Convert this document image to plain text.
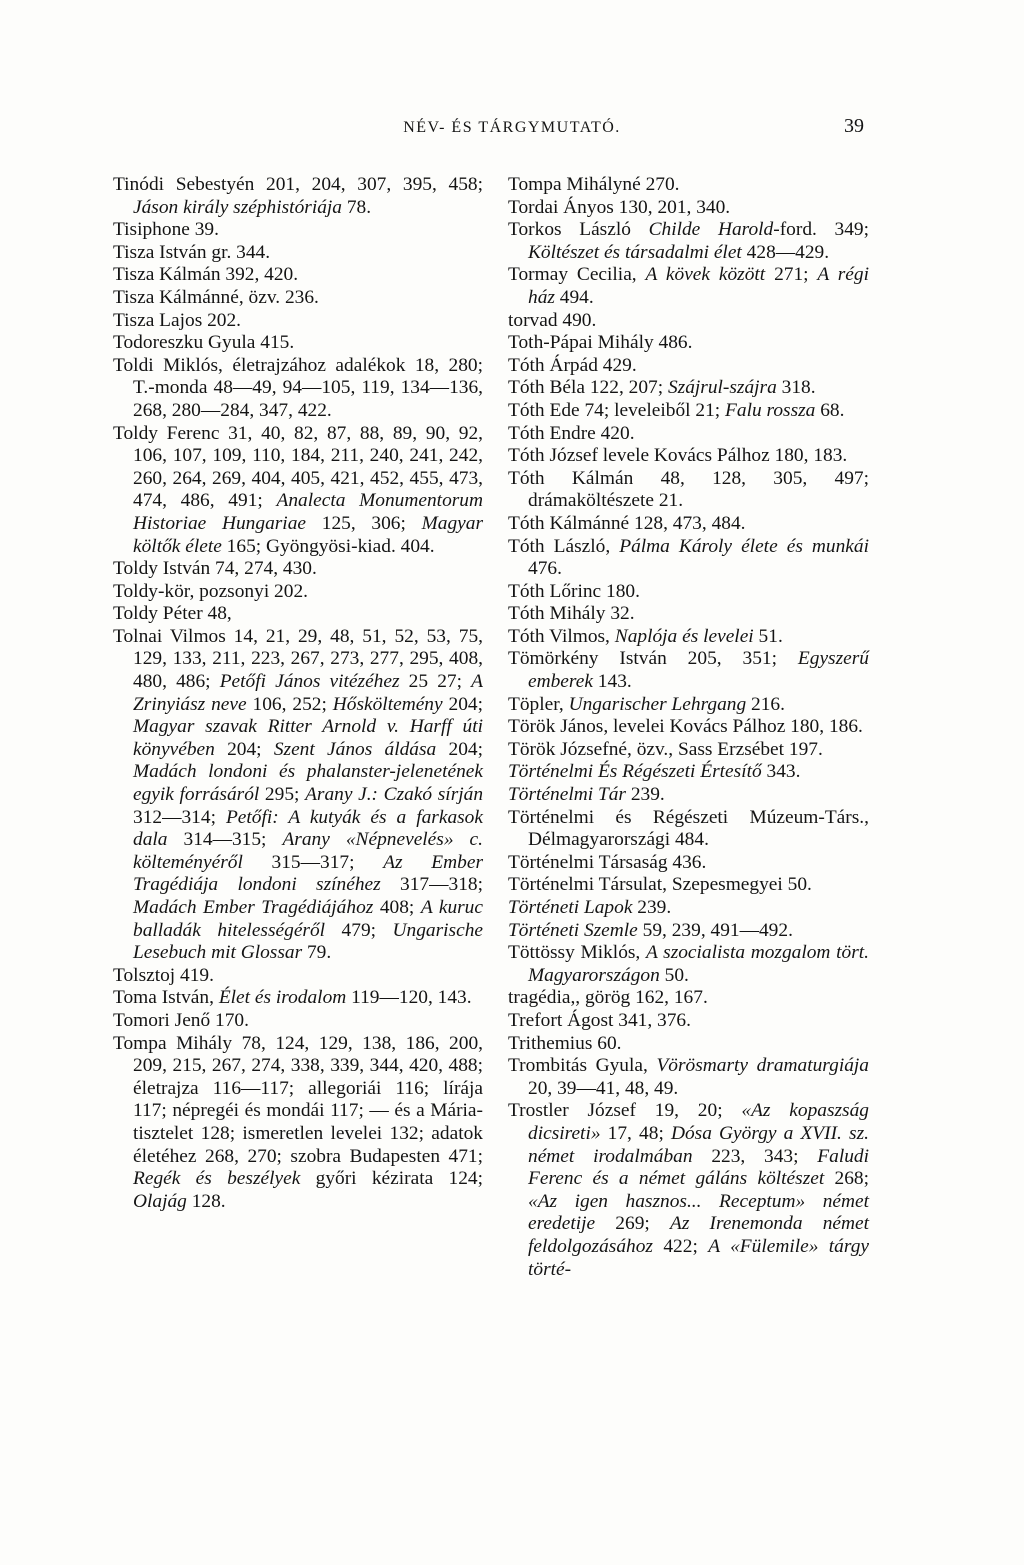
NÉV- ÉS TÁRGYMUTATÓ.	39

Tinódi Sebestyén 201, 204, 307, 395, 458; Jáson király széphistóriája 78.

Tisiphone 39.

Tisza István gr. 344.

Tisza Kálmán 392, 420.

Tisza Kálmánné, özv. 236.

Tisza Lajos 202.

Todoreszku Gyula 415.

Toldi Miklós, életrajzához adalékok 18, 280; T.-monda 48—49, 94—105, 119, 134—136, 268, 280—284, 347, 422.

Toldy Ferenc 31, 40, 82, 87, 88, 89, 90, 92, 106, 107, 109, 110, 184, 211, 240, 241, 242, 260, 264, 269, 404, 405, 421, 452, 455, 473, 474, 486, 491; Analecta Monumentorum Historiae Hungariae 125, 306; Magyar költők élete 165; Gyöngyösi-kiad. 404.

Toldy István 74, 274, 430.

Toldy-kör, pozsonyi 202.

Toldy Péter 48,

Tolnai Vilmos 14, 21, 29, 48, 51, 52, 53, 75, 129, 133, 211, 223, 267, 273, 277, 295, 408, 480, 486; Petőfi János vitézéhez 25 27; A Zrinyiász neve 106, 252; Hősköltemény 204; Magyar szavak Ritter Arnold v. Harff úti könyvében 204; Szent János áldása 204; Madách londoni és phalanster-jelenetének egyik forrásáról 295; Arany J.: Czakó sírján 312—314; Petőfi: A kutyák és a farkasok dala 314—315; Arany «Népnevelés» c. költeményéről 315—317; Az Ember Tragédiája londoni színéhez 317—318; Madách Ember Tragédiájához 408; A kuruc balladák hitelességéről 479; Ungarische Lesebuch mit Glossar 79.

Tolsztoj 419.

Toma István, Élet és irodalom 119—120, 143.

Tomori Jenő 170.

Tompa Mihály 78, 124, 129, 138, 186, 200, 209, 215, 267, 274, 338, 339, 344, 420, 488; életrajza 116—117; allegoriái 116; lírája 117; népregéi és mondái 117; — és a Mária-tisztelet 128; ismeretlen levelei 132; adatok életéhez 268, 270; szobra Budapesten 471; Regék és beszélyek győri kézirata 124; Olajág 128.

Tompa Mihályné 270.

Tordai Ányos 130, 201, 340.

Torkos László Childe Harold-ford. 349; Költészet és társadalmi élet 428—429.

Tormay Cecilia, A kövek között 271; A régi ház 494.

torvad 490.

Toth-Pápai Mihály 486.

Tóth Árpád 429.

Tóth Béla 122, 207; Szájrul-szájra 318.

Tóth Ede 74; leveleiből 21; Falu rossza 68.

Tóth Endre 420.

Tóth József levele Kovács Pálhoz 180, 183.

Tóth Kálmán 48, 128, 305, 497; drámaköltészete 21.

Tóth Kálmánné 128, 473, 484.

Tóth László, Pálma Károly élete és munkái 476.

Tóth Lőrinc 180.

Tóth Mihály 32.

Tóth Vilmos, Naplója és levelei 51.

Tömörkény István 205, 351; Egyszerű emberek 143.

Töpler, Ungarischer Lehrgang 216.

Török János, levelei Kovács Pálhoz 180, 186.

Török Józsefné, özv., Sass Erzsébet 197.

Történelmi És Régészeti Értesítő 343.

Történelmi Tár 239.

Történelmi és Régészeti Múzeum-Társ., Délmagyarországi 484.

Történelmi Társaság 436.

Történelmi Társulat, Szepesmegyei 50.

Történeti Lapok 239.

Történeti Szemle 59, 239, 491—492.

Töttössy Miklós, A szocialista mozgalom tört. Magyarországon 50.

tragédia,, görög 162, 167.

Trefort Ágost 341, 376.

Trithemius 60.

Trombitás Gyula, Vörösmarty dramaturgiája 20, 39—41, 48, 49.

Trostler József 19, 20; «Az kopaszság dicsireti» 17, 48; Dósa György a XVII. sz. német irodalmában 223, 343; Faludi Ferenc és a német gáláns költészet 268; «Az igen hasznos... Receptum» német eredetije 269; Az Irenemonda német feldolgozásához 422; A «Fülemile» tárgy törté-
